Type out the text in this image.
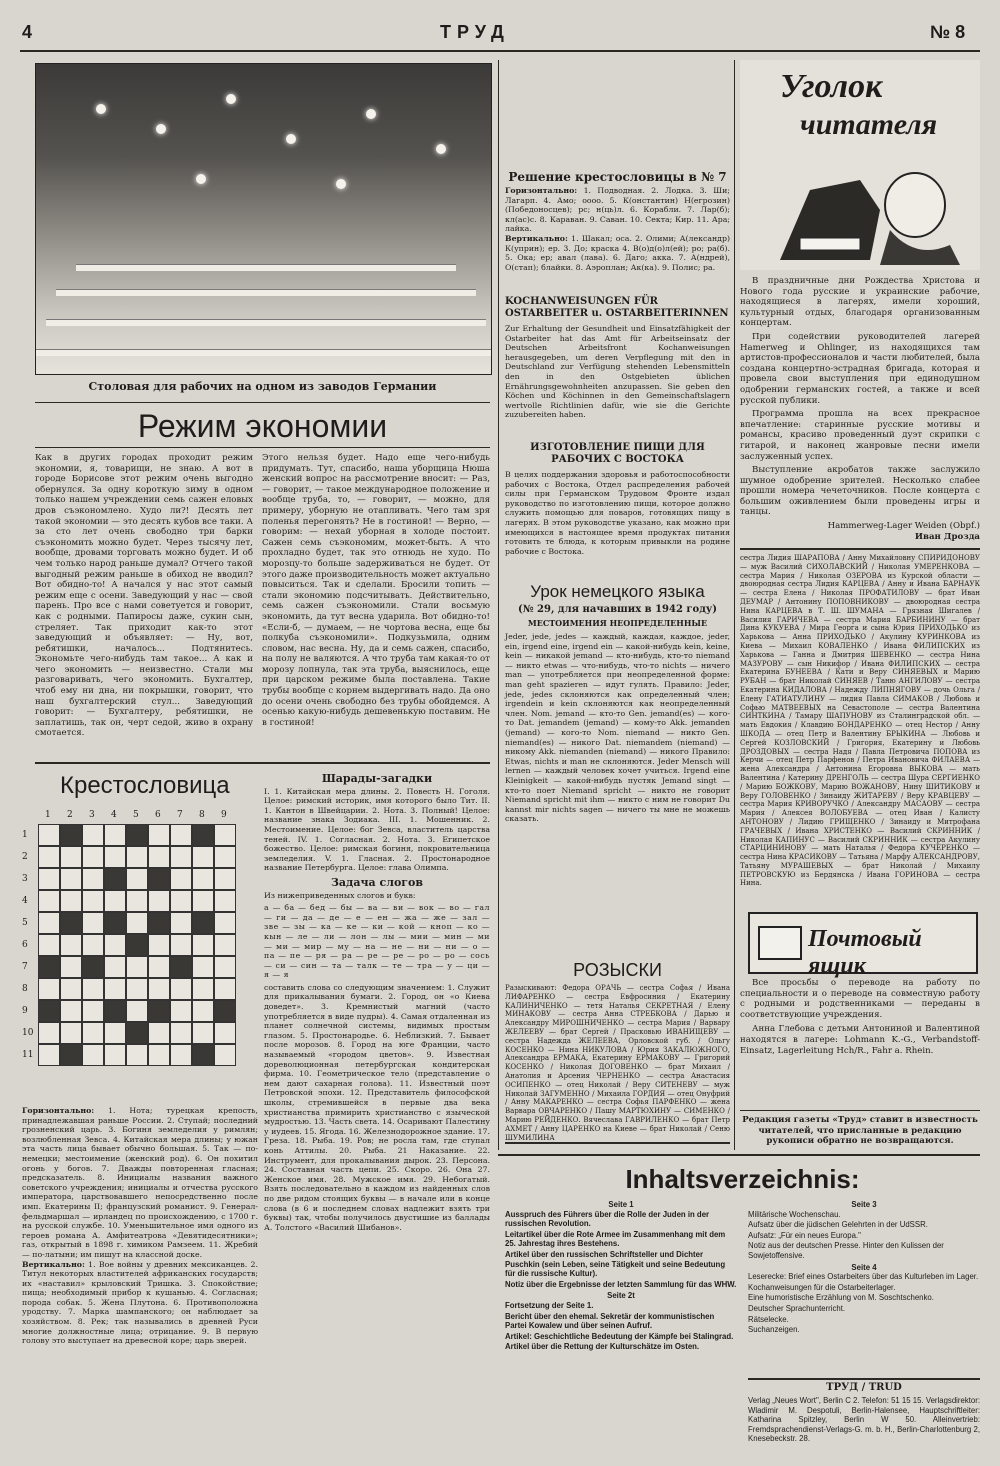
4	ТРУД	№ 8
Столовая для рабочих на одном из заводов Германии
Режим экономии
Как в других городах проходит режим экономии, я, товарищи, не знаю. А вот в городе Борисове этот режим очень выгодно обернулся. За одну короткую зиму в одном только нашем учреждении семь сажен еловых дров съэкономлено. Худо ли?! Десять лет такой экономии — это десять кубов все таки. А за сто лет очень свободно три барки съэкономить можно будет. Через тысячу лет, вообще, дровами торговать можно будет. И об чем только народ раньше думал? Отчего такой выгодный режим раньше в обиход не вводил? Вот обидно-то! А начался у нас этот самый режим еще с осени. Заведующий у нас — свой парень. Про все с нами советуется и говорит, как с родными. Папиросы даже, сукин сын, стреляет. Так приходит как-то этот заведующий и объявляет: — Ну, вот, ребятишки, началось... Подтянитесь. Экономьте чего-нибудь там такое... А как и чего экономить — неизвестно. Стали мы разговаривать, чего экономить. Бухгалтер, чтоб ему ни дна, ни покрышки, говорит, что наш бухгалтерский стул... Заведующий говорит: — Бухгалтеру, ребятишки, не заплатишь, так он, черт седой, живо в охрану смотается.
Этого нельзя будет. Надо еще чего-нибудь придумать. Тут, спасибо, наша уборщица Нюша женский вопрос на рассмотрение вносит: — Раз, — говорит, — такое международное положение и вообще труба, то, — говорит, — можно, для примеру, уборную не отапливать. Чего там зря поленья перегонять? Не в гостиной! — Верно, — говорим: — нехай уборная в холоде постоит. Сажен семь съэкономим, может-быть. А что прохладно будет, так это отнюдь не худо. По морозцу-то больше задерживаться не будет. От этого даже производительность может актуально повыситься. Так и сделали. Бросили топить — стали экономию подсчитывать. Действительно, семь сажен съэкономили. Стали восьмую экономить, да тут весна ударила. Вот обидно-то! «Если-б, — думаем, — не чортова весна, еще бы полкуба съэкономили». Подкузьмила, одним словом, нас весна. Ну, да и семь сажен, спасибо, на полу не валяются. А что труба там какая-то от морозу лопнула, так эта труба, выяснилось, еще при царском режиме была поставлена. Такие трубы вообще с корнем выдергивать надо. Да оно до осени очень свободно без трубы обойдемся. А осенью какую-нибудь дешевенькую поставим. Не в гостиной!
Крестословица
1 2 3 4 5 6 7 8 9
1
2
3
4
5
6
7
8
9
10
11
Горизонтально: 1. Нота; турецкая крепость, принадлежавшая раньше России. 2. Ступай; последний грозненский царь. 3. Богиня земледелия у римлян; возлюбленная Зевса. 4. Китайская мера длины; у южан эта часть лица бывает обычно большая. 5. Так — по-немецки; местоимение (женский род). 6. Он похитил огонь у богов. 7. Дважды повторенная гласная; предсказатель. 8. Инициалы названия важного советского учреждения; инициалы и отчества русского императора, царствовавшего непосредственно после имп. Екатерины II; французский романист. 9. Генерал-фельдмаршал — ирландец по происхождению, с 1700 г. на русской службе. 10. Уменьшительное имя одного из героев романа А. Амфитеатрова «Девятидесятники»; газ, открытый в 1898 г. химиком Рамзеем. 11. Жребий — по-латыни; им пишут на классной доске.
Вертикально: 1. Вое войны у древних мексиканцев. 2. Титул некоторых властителей африканских государств; их «наставил» крыловский Тришка. 3. Спокойствие; пища; необходимый прибор к кушанью. 4. Согласная; порода собак. 5. Жена Плутона. 6. Противоположна уродству. 7. Марка шампанского; он наблюдает за хозяйством. 8. Рек; так назывались в древней Руси многие должностные лица; отрицание. 9. В первую голову это выступает на древесной коре; царь зверей.
Шарады-загадки
I. 1. Китайская мера длины. 2. Повесть Н. Гоголя. Целое: римский историк, имя которого было Тит. II. 1. Кантон в Швейцарии. 2. Нота. 3. Полный! Целое: название знака Зодиака. III. 1. Мошенник. 2. Местоимение. Целое: бог Зевса, властитель царства теней. IV. 1. Согласная. 2. Нота. 3. Египетское божество. Целое: римская богиня, покровительница земледелия. V. 1. Гласная. 2. Простонародное название Петербурга. Целое: глава Олимпа.
Задача слогов
Из нижеприведенных слогов и букв:
а — ба — бед — бы — ва — ви — вок — во — гал — ги — да — де — е — ен — жа — же — зал — зве — зы — ка — ке — ки — кой — кноп — ко — кын — ле — ли — лон — лы — мии — мин — ми — ми — мир — му — на — не — ни — ни — о — па — пе — ря — ра — ре — ре — ро — ро — сось — си — син — та — талк — те — тра — у — ци — я — я
составить слова со следующим значением: 1. Служит для прикалывания бумаги. 2. Город, он «о Киева доведет». 3. Кремнистый магний (часто употребляется в виде пудры). 4. Самая отдаленная из планет солнечной системы, видимых простым глазом. 5. Простонародье. 6. Неблизкий. 7. Бывает после морозов. 8. Город на юге Франции, часто называемый «городом цветов». 9. Известная дореволюционная петербургская кондитерская фирма. 10. Геометрическое тело (представление о нем дают сахарная голова). 11. Известный поэт Петровской эпохи. 12. Представитель философской школы, стремившейся в первые два века христианства примирить христианство с языческой мудростью. 13. Часть света. 14. Осаривают Палестину у иудеев. 15. Ягода. 16. Железнодорожное здание. 17. Греза. 18. Рыба. 19. Ров; не росла там, где ступал конь Аттилы. 20. Рыба. 21 Наказание. 22. Инструмент, для прокалывания дырок. 23. Персона. 24. Составная часть цепи. 25. Скоро. 26. Она 27. Женское имя. 28. Мужское имя. 29. Небогатый. Взять последовательно в каждом из найденных слов по две рядом стоящих буквы — в начале или в конце слова (в 6 и последнем словах надлежит взять три буквы) так, чтобы получилось двустишие из баллады А. Толстого «Василий Шибанов».
Решение крестословицы в № 7
Горизонтально: 1. Подводная. 2. Лодка. 3. Ши; Лагарп. 4. Амо; оооо. 5. К(онстантин) Н(егрозин) (Победоносцев); рс; н(ць)л. 6. Корабли. 7. Лар(б); кл(ас)с. 8. Караван. 9. Саван. 10. Секта; Кир. 11. Ара; лайка.
Вертикально: 1. Шакал; оса. 2. Олими; А(лександр) К(уприн); ер. 3. До; краска 4. В(о)д(о)л(ей); ро; ра(б). 5. Ока; ер; авал (лава). 6. Даго; акка. 7. А(ндрей), О(стап); блайки. 8. Аэроплан; Ак(ка). 9. Полис; ра.
KOCHANWEISUNGEN FÜR OSTARBEITER u. OSTARBEITERINNEN
Zur Erhaltung der Gesundheit und Einsatzfähigkeit der Ostarbeiter hat das Amt für Arbeitseinsatz der Deutschen Arbeitsfront Kochanweisungen herausgegeben, um deren Verpflegung mit den in Deutschland zur Verfügung stehenden Lebensmitteln den in den Ostgebieten üblichen Ernährungsgewohnheiten anzupassen. Sie geben den Köchen und Köchinnen in den Gemeinschaftslagern wertvolle Richtlinien dafür, wie sie die Gerichte zuzubereiten haben.
ИЗГОТОВЛЕНИЕ ПИЩИ ДЛЯ РАБОЧИХ С ВОСТОКА
В целях поддержания здоровья и работоспособности рабочих с Востока, Отдел распределения рабочей силы при Германском Трудовом Фронте издал руководство по изготовлению пищи, которое должно служить помощью для поваров, готовящих пищу в лагерях. В этом руководстве указано, как можно при имеющихся в настоящее время продуктах питания готовить те блюда, к которым привыкли на родине рабочие с Востока.
Урок немецкого языка
(№ 29, для начавших в 1942 году)
МЕСТОИМЕНИЯ НЕОПРЕДЕЛЕННЫЕ
Jeder, jede, jedes — каждый, каждая, каждое, jeder, ein, irgend eine, irgend ein — какой-нибудь kein, keine, kein — никакой jemand — кто-нибудь, кто-то niemand — никто etwas — что-нибудь, что-то nichts — ничего man — употребляется при неопределенной форме: man geht spazieren — идут гулять. Правило: Jeder, jede, jedes склоняются как определенный член; irgendein и kein склоняются как неопределенный член. Nom. jemand — кто-то Gen. jemand(es) — кого-то Dat. jemandem (jemand) — кому-то Akk. jemanden (jemand) — кого-то Nom. niemand — никто Gen. niemand(es) — никого Dat. niemandem (niemand) — никому Akk. niemanden (niemand) — никого Правило: Etwas, nichts и man не склоняются. Jeder Mensch will lernen — каждый человек хочет учиться. Irgend eine Kleinigkeit — какой-нибудь пустяк Jemand singt — кто-то поет Niemand spricht — никто не говорит Niemand spricht mit ihm — никто с ним не говорит Du kannst mir nichts sagen — ничего ты мне не можешь сказать.
РОЗЫСКИ
Разыскивают: Федора ОРАЧЬ — сестра Софья / Ивана ЛИФАРЕНКО — сестра Евфросиния / Екатерину КАЛИНИЧЕНКО — тетя Наталья СЕКРЕТНАЯ / Елену МИНАКОВУ — сестра Анна СТРЕБКОВА / Дарью и Александру МИРОШНИЧЕНКО — сестра Мария / Варвару ЖЕЛЕЕВУ — брат Сергей / Прасковью ИВАНИЩЕВУ — сестра Надежда ЖЕЛЕЕВА, Орловской губ. / Ольгу КОСЕНКО — Нина НИКУЛОВА / Юрия ЗАКАЛЮЖНОГО, Александра ЕРМАКА, Екатерину ЕРМАКОВУ — Григорий КОСЕНКО / Николая ДОГОВЕНКО — брат Михаил / Анатолия и Арсения ЧЕРНЕНКО — сестра Анастасия ОСИПЕНКО — отец Николай / Веру СИТЕНЕВУ — муж Николай ЗАГУМЕННО / Михаила ГОРДИЯ — отец Онуфрий / Анну МАКАРЕНКО — сестра Софья ПАРФЕНКО — жена Варвара ОВЧАРЕНКО / Пашу МАРТЮХИНУ — СИМЕНКО / Марию РЕЙДЕНКО. Вячеслава ГАВРИЛЕНКО — брат Петр АХМЕТ / Анну ЦАРЕНКО на Киеве — брат Николай / Сеню ШУМИЛИНА
Уголок
читателя

В праздничные дни Рождества Христова и Нового года русские и украинские рабочие, находящиеся в лагерях, имели хороший, культурный отдых, благодаря организованным концертам.

При содействии руководителей лагерей Hamerweg и Ohlinger, из находящихся там артистов-профессионалов и части любителей, была создана концертно-эстрадная бригада, которая и провела свои выступления при единодушном одобрении германских гостей, а также и всей русской публики.

Программа прошла на всех прекрасное впечатление: старинные русские мотивы и романсы, красиво проведенный дуэт скрипки с гитарой, и наконец жанровые песни имели заслуженный успех.

Выступление акробатов также заслужило шумное одобрение зрителей. Несколько слабее прошли номера чечеточников. После концерта с большим оживлением были проведены игры и танцы.

Hammerweg-Lager Weiden (Obpf.)
Иван Дрозда
сестра Лидия ШАРАПОВА / Анну Михайловну СПИРИДОНОВУ — муж Василий СИХОЛАВСКИЙ / Николая УМЕРЕНКОВА — сестра Мария / Николая ОЗЕРОВА из Курской области — двоюродная сестра Лидия КАРЦЕВА / Анну и Ивана БАРНАУК — сестра Елена / Николая ПРОФАТИЛОВУ — брат Иван ДЕУМАР / Антонину ПОПОВНИКОВУ — двоюродная сестра Нина КАРЦЕВА в Т. Ш. ШУМАНА — Грязная Шигалев / Василия ГАРИЧЕВА — сестра Мария БАРБИНИНУ — брат Дина КУКУЕВА / Мира Георга и сына Юрия ПРИХОДЬКО из Харькова — Анна ПРИХОДЬКО / Акулину КУРИНКОВА из Киева — Михаил КОВАЛЕНКО / Ивана ФИЛИПСКИХ из Харькова — Ганна и Дмитрия ШЕВЕНКО — сестра Нина МАЗУРОВУ — сын Никифор / Ивана ФИЛИПСКИХ — сестра Екатерина БУНЕЕВА / Кати и Веру СИНЯЕВЫХ и Марию РУБАН — брат Николай СИНЯЕВ / Таню АНГИЛОВУ — сестра Екатерина КИДАЛОВА / Надежду ЛИПНЯГОВУ — дочь Ольга / Елену ГАТИАТУЛИНУ — лидия Павла СИМАКОВ / Любовь и Софью МАТВЕЕВЫХ на Севастополе — сестра Валентина СИНТКИНА / Тамару ШАПУНОВУ из Сталинградской обл. — мать Евдокия / Клавдию БОНДАРЕНКО — отец Нестор / Анну ШКОДА — отец Петр и Валентину БРЫКИНА — Любовь и Сергей КОЗЛОВСКИЙ / Григория, Екатерину и Любовь ДРОЗДОВЫХ — сестра Надя / Павла Петровича ПОПОВА из Керчи — отец Петр Парфенов / Петра Ивановича ФИЛАЕВА — жена Александра / Антонина Егоровна ВЫКОВА — мать Валентина / Катерину ДРЕНГОЛЬ — сестра Шура СЕРГИЕНКО / Марию БОЖКОВУ, Марию ВОЖАНОВУ, Нину ШИТИКОВУ и Веру ГОЛОВЕНКО / Зинаиду ЖИТАРЕВУ / Веру КРАВЦЕВУ — сестра Мария КРИВОРУЧКО / Александру МАСАОВУ — сестра Мария / Алексея ВОЛОБУЕВА — отец Иван / Калисту АНТОНОВУ / Лидию ГРИЩЕНКО / Зинаиду и Митрофана ГРАЧЕВЫХ / Ивана ХРИСТЕНКО — Василий СКРИННИК / Николая КАПИНУС — Василий СКРИННИК — сестра Акулину СТАРЦИНИНОВУ — мать Наталья / Федора КУЧЕРЕНКО — сестра Нина КРАСИКОВУ — Татьяна / Марфу АЛЕКСАНДРОВУ, Татьяну МУРАШЕВЫХ — брат Николай / Михаилу ПЕТРОВСКУЮ из Бердянска / Ивана ГОРИНОВА — сестра Нина.
Почтовый ящик

Все просьбы о переводе на работу по специальности и о переводе на совместную работу с родными и родственниками — переданы в соответствующие учреждения.

Анна Глебова с детьми Антониной и Валентиной находятся в лагере: Lohmann K.-G., Verbandstoff-Einsatz, Lagerleitung Hch/R., Fahr a. Rhein.

Редакция газеты «Труд» ставит в известность читателей, что присланные в редакцию рукописи обратно не возвращаются.
Inhaltsverzeichnis:
Seite 1
Ausspruch des Führers über die Rolle der Juden in der russischen Revolution.
Leitartikel über die Rote Armee im Zusammenhang mit dem 25. Jahrestag ihres Bestehens.
Artikel über den russischen Schriftsteller und Dichter Puschkin (sein Leben, seine Tätigkeit und seine Bedeutung für die russische Kultur).
Notiz über die Ergebnisse der letzten Sammlung für das WHW.
Seite 2t
Fortsetzung der Seite 1.
Bericht über den ehemal. Sekretär der kommunistischen Partei Kowalew und über seinen Aufruf.
Artikel: Geschichtliche Bedeutung der Kämpfe bei Stalingrad.
Artikel über die Rettung der Kulturschätze im Osten.
Seite 3
Militärische Wochenschau.
Aufsatz über die jüdischen Gelehrten in der UdSSR.
Aufsatz: „Für ein neues Europa."
Notiz aus der deutschen Presse. Hinter den Kulissen der Sowjetoffensive.
Seite 4
Leserecke: Brief eines Ostarbeiters über das Kulturleben im Lager.
Kochanweisungen für die Ostarbeiterlager.
Eine humoristische Erzählung von M. Soschtschenko.
Deutscher Sprachunterricht.
Rätselecke.
Suchanzeigen.
ТРУД / TRUD
Verlag „Neues Wort", Berlin C 2. Telefon: 51 15 15. Verlagsdirektor: Wladimir M. Despotuli, Berlin-Halensee, Hauptschriftleiter: Katharina Spitzley, Berlin W 50. Alleinvertrieb: Fremdsprachendienst-Verlags-G. m. b. H., Berlin-Charlottenburg 2, Knesebeckstr. 28.
